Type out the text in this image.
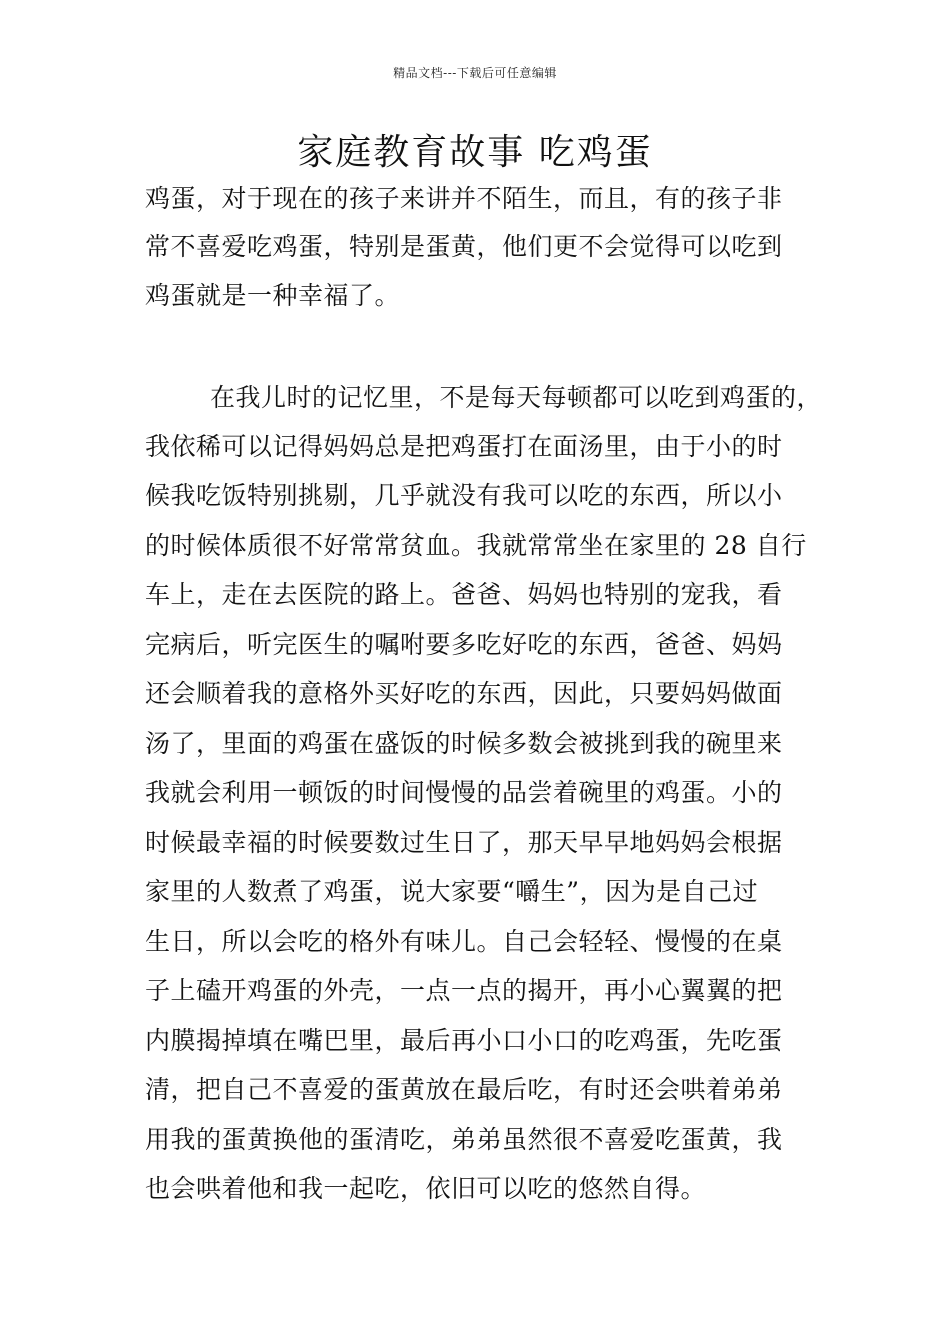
精品文档---下载后可任意编辑
家庭教育故事 吃鸡蛋
鸡蛋，对于现在的孩子来讲并不陌生，而且，有的孩子非
常不喜爱吃鸡蛋，特别是蛋黄，他们更不会觉得可以吃到
鸡蛋就是一种幸福了。
在我儿时的记忆里，不是每天每顿都可以吃到鸡蛋的，
我依稀可以记得妈妈总是把鸡蛋打在面汤里，由于小的时
候我吃饭特别挑剔，几乎就没有我可以吃的东西，所以小
的时候体质很不好常常贫血。我就常常坐在家里的 28 自行
车上，走在去医院的路上。爸爸、妈妈也特别的宠我，看
完病后，听完医生的嘱咐要多吃好吃的东西，爸爸、妈妈
还会顺着我的意格外买好吃的东西，因此，只要妈妈做面
汤了，里面的鸡蛋在盛饭的时候多数会被挑到我的碗里来
我就会利用一顿饭的时间慢慢的品尝着碗里的鸡蛋。小的
时候最幸福的时候要数过生日了，那天早早地妈妈会根据
家里的人数煮了鸡蛋，说大家要“嚼生”，因为是自己过
生日，所以会吃的格外有味儿。自己会轻轻、慢慢的在桌
子上磕开鸡蛋的外壳，一点一点的揭开，再小心翼翼的把
内膜揭掉填在嘴巴里，最后再小口小口的吃鸡蛋，先吃蛋
清，把自己不喜爱的蛋黄放在最后吃，有时还会哄着弟弟
用我的蛋黄换他的蛋清吃，弟弟虽然很不喜爱吃蛋黄，我
也会哄着他和我一起吃，依旧可以吃的悠然自得。
